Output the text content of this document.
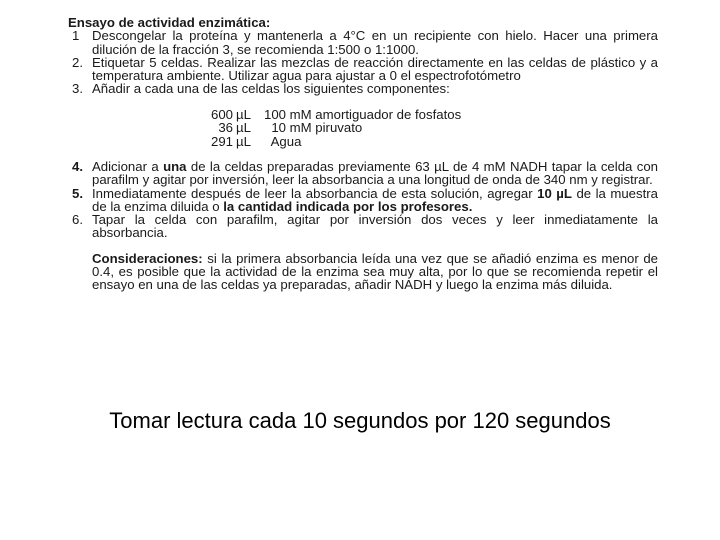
Ensayo de actividad enzimática:
1 Descongelar la proteína y mantenerla a 4°C en un recipiente con hielo. Hacer una primera dilución de la fracción 3, se recomienda 1:500 o 1:1000.
2. Etiquetar 5 celdas. Realizar las mezclas de reacción directamente en las celdas de plástico y a temperatura ambiente. Utilizar agua para ajustar a 0 el espectrofotómetro
3. Añadir a cada una de las celdas los siguientes componentes:
600	µL	100 mM amortiguador de fosfatos
36	µL	10 mM piruvato
291	µL	Agua
4. Adicionar a una de la celdas preparadas previamente 63 µL de 4 mM NADH tapar la celda con parafilm y agitar por inversión, leer la absorbancia a una longitud de onda de 340 nm y registrar.
5. Inmediatamente después de leer la absorbancia de esta solución, agregar 10 µL de la muestra de la enzima diluida o la cantidad indicada por los profesores.
6. Tapar la celda con parafilm, agitar por inversión dos veces y leer inmediatamente la absorbancia.
Consideraciones: si la primera absorbancia leída una vez que se añadió enzima es menor de 0.4, es posible que la actividad de la enzima sea muy alta, por lo que se recomienda repetir el ensayo en una de las celdas ya preparadas, añadir NADH y luego la enzima más diluida.
Tomar lectura cada 10 segundos por 120 segundos
